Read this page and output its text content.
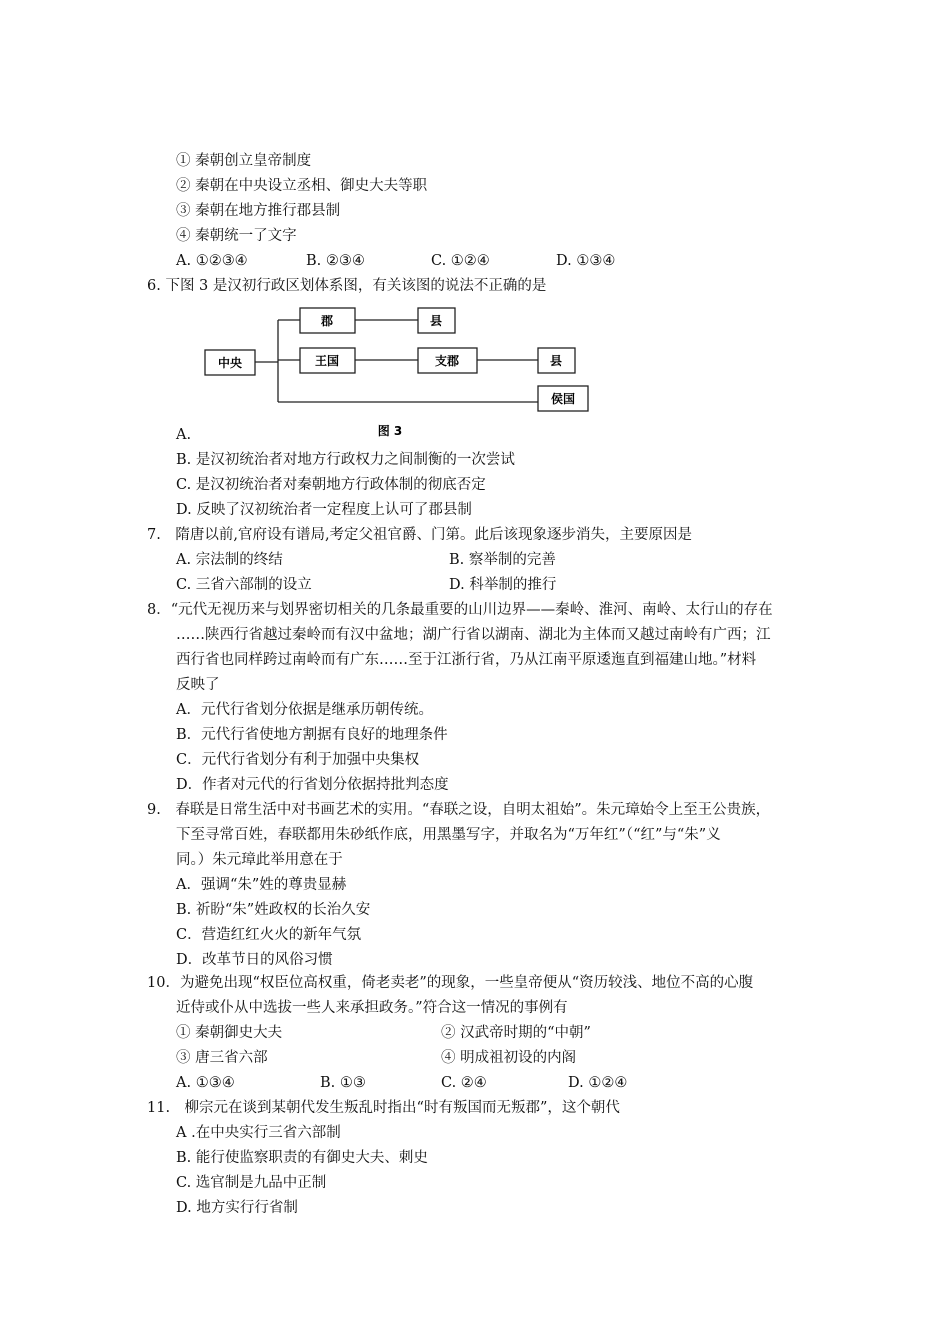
① 秦朝创立皇帝制度
② 秦朝在中央设立丞相、御史大夫等职
③ 秦朝在地方推行郡县制
④ 秦朝统一了文字
A. ①②③④	B. ②③④	C. ①②④	D. ①③④
6. 下图 3 是汉初行政区划体系图，有关该图的说法不正确的是
中央
郡	县
王国	支郡	县
侯国
图 3
A.
B. 是汉初统治者对地方行政权力之间制衡的一次尝试
C. 是汉初统治者对秦朝地方行政体制的彻底否定
D. 反映了汉初统治者一定程度上认可了郡县制
7.　隋唐以前,官府设有谱局,考定父祖官爵、门第。此后该现象逐步消失，主要原因是
A. 宗法制的终结	B. 察举制的完善
C. 三省六部制的设立	D. 科举制的推行
8．“元代无视历来与划界密切相关的几条最重要的山川边界——秦岭、淮河、南岭、太行山的存在
……陕西行省越过秦岭而有汉中盆地；湖广行省以湖南、湖北为主体而又越过南岭有广西；江
西行省也同样跨过南岭而有广东……至于江浙行省，乃从江南平原逶迤直到福建山地。”材料
反映了
A．元代行省划分依据是继承历朝传统。
B．元代行省使地方割据有良好的地理条件
C．元代行省划分有利于加强中央集权
D．作者对元代的行省划分依据持批判态度
9.　春联是日常生活中对书画艺术的实用。“春联之设，自明太祖始”。朱元璋始令上至王公贵族，
下至寻常百姓，春联都用朱砂纸作底，用黑墨写字，并取名为“万年红”（“红”与“朱”义
同。）朱元璋此举用意在于
A．强调“朱”姓的尊贵显赫
B. 祈盼“朱”姓政权的长治久安
C．营造红红火火的新年气氛
D．改革节日的风俗习惯
10．为避免出现“权臣位高权重，倚老卖老”的现象，一些皇帝便从“资历较浅、地位不高的心腹
近侍或仆从中选拔一些人来承担政务。”符合这一情况的事例有
① 秦朝御史大夫	② 汉武帝时期的“中朝”
③ 唐三省六部	④ 明成祖初设的内阁
A. ①③④	B. ①③	C. ②④	D. ①②④
11.　柳宗元在谈到某朝代发生叛乱时指出“时有叛国而无叛郡”，这个朝代
A .在中央实行三省六部制
B. 能行使监察职责的有御史大夫、刺史
C. 选官制是九品中正制
D. 地方实行行省制
